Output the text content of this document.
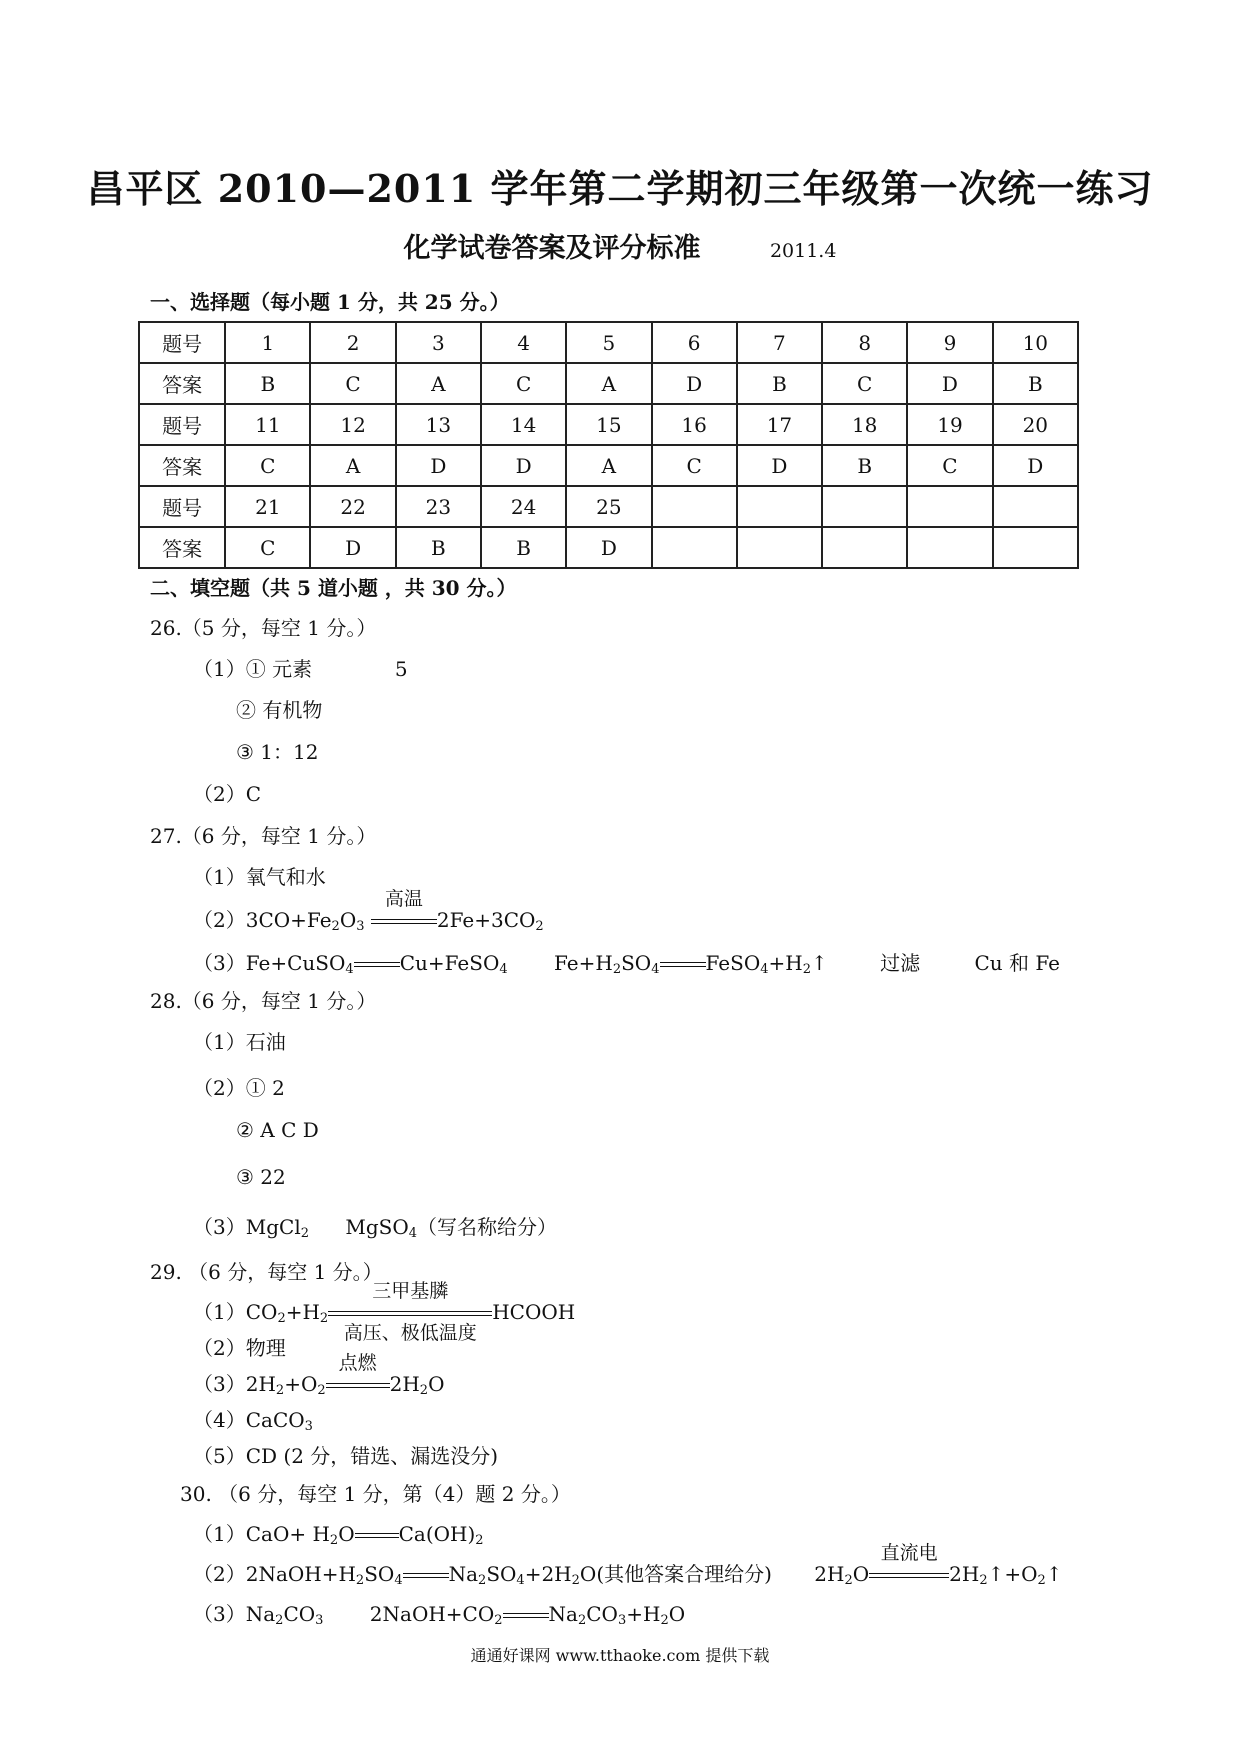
昌平区 2010—2011 学年第二学期初三年级第一次统一练习
化学试卷答案及评分标准	2011.4
一、选择题（每小题 1 分，共 25 分。）
题号	1	2	3	4	5	6	7	8	9	10
答案	B	C	A	C	A	D	B	C	D	B
题号	11	12	13	14	15	16	17	18	19	20
答案	C	A	D	D	A	C	D	B	C	D
题号	21	22	23	24	25					
答案	C	D	B	B	D					
二、填空题（共 5 道小题 ，共 30 分。）
26.（5 分，每空 1 分。）
（1）① 元素	5
② 有机物
③ 1：12
（2）C
27.（6 分，每空 1 分。）
（1）氧气和水
$(2)3CO+Fe_2O_3$
高温
$2Fe+3CO_2$
（3）Fe+CuSO$_4$ Cu+FeSO$_4$ $Fe+H_2SO_4$ $FeSO_4+H_2↑$ 过滤	Cu 和 Fe
28.（6 分，每空 1 分。）
（1）石油
（2）① 2
② A C D
③ 22
（3）MgCl$_2$ MgSO$_4$（写名称给分）
29. （6 分，每空 1 分。）
$(1)CO_2+H_2$
三甲基膦
高压、极低温度
HCOOH
（2）物理
$(3)2H_2+O_2$
点燃
$2H_2O$
（4）CaCO$_3$
（5）CD (2 分，错选、漏选没分)
30. （6 分，每空 1 分，第（4）题 2 分。）
$(1)CaO+ H_2O$ $Ca(OH)_2$
$(2)2NaOH+H_2SO_4$ $Na_2SO_4+2H_2O$(其他答案合理给分) $2H_2O$
直流电
$2H_2↑+O_2↑$
$(3)Na_2CO_3$ $2NaOH+CO_2$ $Na_2CO_3+H_2O$
通通好课网 www.tthaoke.com 提供下载
